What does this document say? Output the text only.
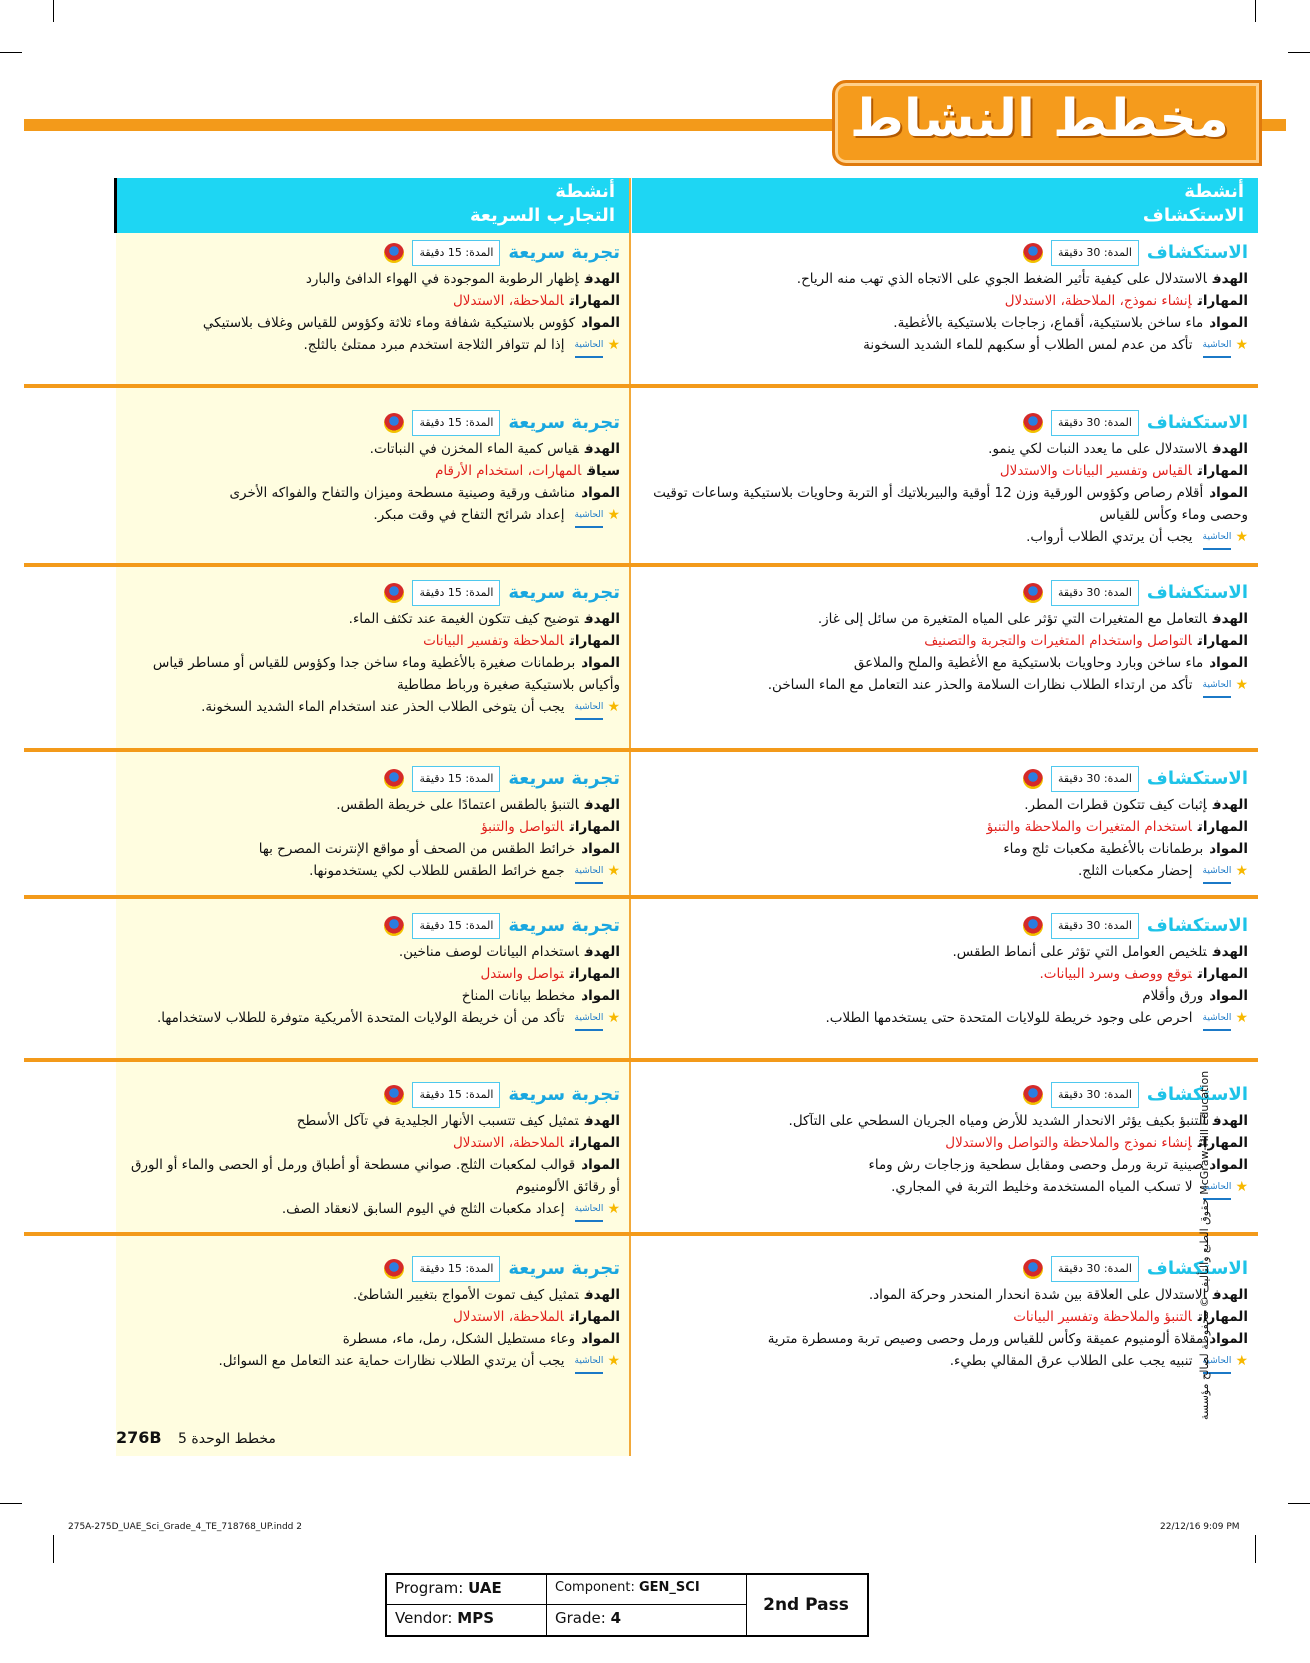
مخطط النشاط
أنشطة
التجارب السريعة
أنشطة
الاستكشاف
الاستكشاف
المدة: 30 دقيقة
الهدفالاستدلال على كيفية تأثير الضغط الجوي على الاتجاه الذي تهب منه الرياح.
المهاراتإنشاء نموذج، الملاحظة، الاستدلال
الموادماء ساخن بلاستيكية، أقماع، زجاجات بلاستيكية بالأغطية.
★
الحاشية
تأكد من عدم لمس الطلاب أو سكبهم للماء الشديد السخونة
تجربة سريعة
المدة: 15 دقيقة
الهدفإظهار الرطوبة الموجودة في الهواء الدافئ والبارد
المهاراتالملاحظة، الاستدلال
الموادكؤوس بلاستيكية شفافة وماء ثلاثة وكؤوس للقياس وغلاف بلاستيكي
★
الحاشية
إذا لم تتوافر الثلاجة استخدم مبرد ممتلئ بالثلج.
الاستكشاف
المدة: 30 دقيقة
الهدفالاستدلال على ما يعدد النبات لكي ينمو.
المهاراتالقياس وتفسير البيانات والاستدلال
الموادأقلام رصاص وكؤوس الورقية وزن 12 أوقية والبيربلاتيك أو التربة وحاويات بلاستيكية وساعات توقيت وحصى وماء وكأس للقياس
★
الحاشية
يجب أن يرتدي الطلاب أرواب.
تجربة سريعة
المدة: 15 دقيقة
الهدفقياس كمية الماء المخزن في النباتات.
سياقالمهارات، استخدام الأرقام
الموادمناشف ورقية وصينية مسطحة وميزان والتفاح والفواكه الأخرى
★
الحاشية
إعداد شرائح التفاح في وقت مبكر.
الاستكشاف
المدة: 30 دقيقة
الهدفالتعامل مع المتغيرات التي تؤثر على المياه المتغيرة من سائل إلى غاز.
المهاراتالتواصل واستخدام المتغيرات والتجربة والتصنيف
الموادماء ساخن وبارد وحاويات بلاستيكية مع الأغطية والملح والملاعق
★
الحاشية
تأكد من ارتداء الطلاب نظارات السلامة والحذر عند التعامل مع الماء الساخن.
تجربة سريعة
المدة: 15 دقيقة
الهدفتوضيح كيف تتكون الغيمة عند تكثف الماء.
المهاراتالملاحظة وتفسير البيانات
الموادبرطمانات صغيرة بالأغطية وماء ساخن جدا وكؤوس للقياس أو مساطر قياس وأكياس بلاستيكية صغيرة ورباط مطاطية
★
الحاشية
يجب أن يتوخى الطلاب الحذر عند استخدام الماء الشديد السخونة.
الاستكشاف
المدة: 30 دقيقة
الهدفإثبات كيف تتكون قطرات المطر.
المهاراتاستخدام المتغيرات والملاحظة والتنبؤ
الموادبرطمانات بالأغطية مكعبات ثلج وماء
★
الحاشية
إحضار مكعبات الثلج.
تجربة سريعة
المدة: 15 دقيقة
الهدفالتنبؤ بالطقس اعتمادًا على خريطة الطقس.
المهاراتالتواصل والتنبؤ
الموادخرائط الطقس من الصحف أو مواقع الإنترنت المصرح بها
★
الحاشية
جمع خرائط الطقس للطلاب لكي يستخدمونها.
الاستكشاف
المدة: 30 دقيقة
الهدفتلخيص العوامل التي تؤثر على أنماط الطقس.
المهاراتتوقع ووصف وسرد البيانات.
الموادورق وأقلام
★
الحاشية
احرص على وجود خريطة للولايات المتحدة حتى يستخدمها الطلاب.
تجربة سريعة
المدة: 15 دقيقة
الهدفاستخدام البيانات لوصف مناخين.
المهاراتتواصل واستدل
الموادمخطط بيانات المناخ
★
الحاشية
تأكد من أن خريطة الولايات المتحدة الأمريكية متوفرة للطلاب لاستخدامها.
الاستكشاف
المدة: 30 دقيقة
الهدفالتنبؤ بكيف يؤثر الانحدار الشديد للأرض ومياه الجريان السطحي على التآكل.
المهاراتإنشاء نموذج والملاحظة والتواصل والاستدلال
الموادصينية تربة ورمل وحصى ومقابل سطحية وزجاجات رش وماء
★
الحاشية
لا تسكب المياه المستخدمة وخليط التربة في المجاري.
تجربة سريعة
المدة: 15 دقيقة
الهدفتمثيل كيف تتسبب الأنهار الجليدية في تآكل الأسطح
المهاراتالملاحظة، الاستدلال
الموادقوالب لمكعبات الثلج. صواني مسطحة أو أطباق ورمل أو الحصى والماء أو الورق أو رقائق الألومنيوم
★
الحاشية
إعداد مكعبات الثلج في اليوم السابق لانعقاد الصف.
الاستكشاف
المدة: 30 دقيقة
الهدفالاستدلال على العلاقة بين شدة انحدار المنحدر وحركة المواد.
المهاراتالتنبؤ والملاحظة وتفسير البيانات
الموادمقلاة ألومنيوم عميقة وكأس للقياس ورمل وحصى وصيص تربة ومسطرة مترية
★
الحاشية
تنبيه يجب على الطلاب عرق المقالي بطيء.
تجربة سريعة
المدة: 15 دقيقة
الهدفتمثيل كيف تموت الأمواج بتغيير الشاطئ.
المهاراتالملاحظة، الاستدلال
الموادوعاء مستطيل الشكل، رمل، ماء، مسطرة
★
الحاشية
يجب أن يرتدي الطلاب نظارات حماية عند التعامل مع السوائل.
276B مخطط الوحدة 5
حقوق الطبع والتأليف © محفوظة لصالح مؤسسة McGraw-Hill Education
275A-275D_UAE_Sci_Grade_4_TE_718768_UP.indd 2	22/12/16 9:09 PM
Program: UAE	Component: GEN_SCI
Vendor: MPS	Grade: 4
2nd Pass
